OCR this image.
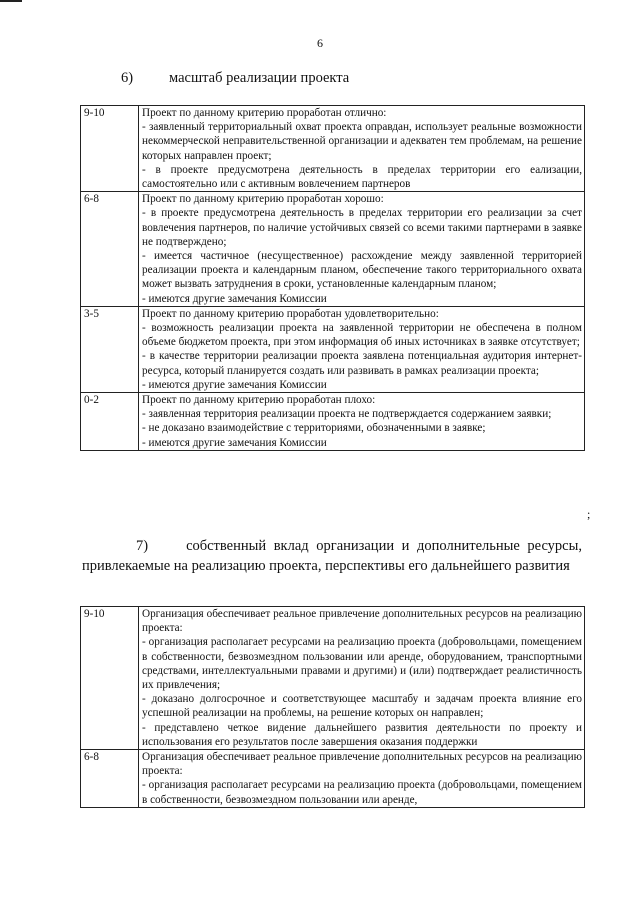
6
6) масштаб реализации проекта
9-10	Проект по данному критерию проработан отлично:
- заявленный территориальный охват проекта оправдан, использует реальные возможности некоммерческой неправительственной организации и адекватен тем проблемам, на решение которых направлен проект;
- в проекте предусмотрена деятельность в пределах территории его еализации, самостоятельно или с активным вовлечением партнеров

6-8	Проект по данному критерию проработан хорошо:
- в проекте предусмотрена деятельность в пределах территории его реализации за счет вовлечения партнеров, по наличие устойчивых связей со всеми такими партнерами в заявке не подтверждено;
- имеется частичное (несущественное) расхождение между заявленной территорией реализации проекта и календарным планом, обеспечение такого территориального охвата может вызвать затруднения в сроки, установленные календарным планом;
- имеются другие замечания Комиссии

3-5	Проект по данному критерию проработан удовлетворительно:
- возможность реализации проекта на заявленной территории не обеспечена в полном объеме бюджетом проекта, при этом информация об иных источниках в заявке отсутствует;
- в качестве территории реализации проекта заявлена потенциальная аудитория интернет-ресурса, который планируется создать или развивать в рамках реализации проекта;
- имеются другие замечания Комиссии

0-2	Проект по данному критерию проработан плохо:
- заявленная территория реализации проекта не подтверждается содержанием заявки;
- не доказано взаимодействие с территориями, обозначенными в заявке;
- имеются другие замечания Комиссии
;
7)	собственный вклад организации и дополнительные ресурсы, привлекаемые на реализацию проекта, перспективы его дальнейшего развития
9-10	Организация обеспечивает реальное привлечение дополнительных ресурсов на реализацию проекта:
- организация располагает ресурсами на реализацию проекта (добровольцами, помещением в собственности, безвозмездном пользовании или аренде, оборудованием, транспортными средствами, интеллектуальными правами и другими) и (или) подтверждает реалистичность их привлечения;
- доказано долгосрочное и соответствующее масштабу и задачам проекта влияние его успешной реализации на проблемы, на решение которых он направлен;
- представлено четкое видение дальнейшего развития деятельности по проекту и использования его результатов после завершения оказания поддержки

6-8	Организация обеспечивает реальное привлечение дополнительных ресурсов на реализацию проекта:
- организация располагает ресурсами на реализацию проекта (добровольцами, помещением в собственности, безвозмездном пользовании или аренде,
